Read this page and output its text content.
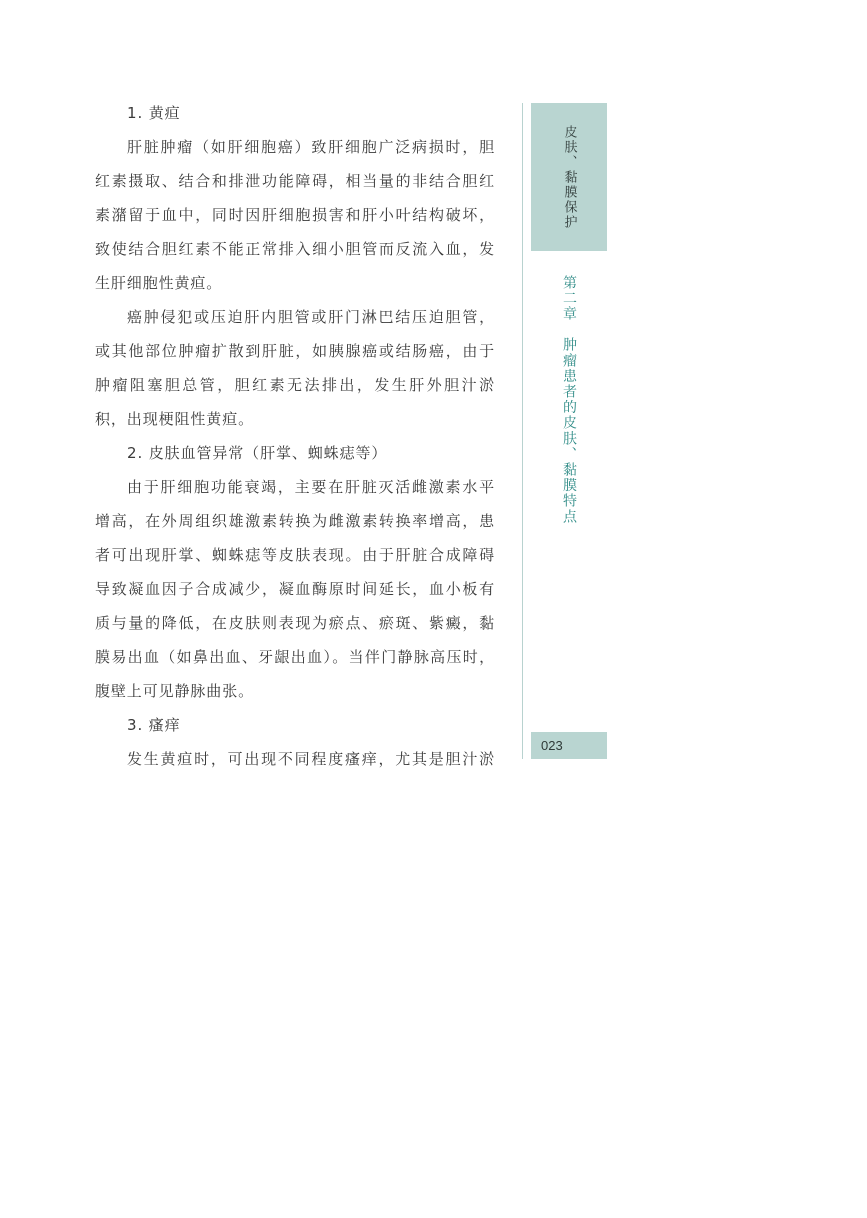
1. 黄疸
肝脏肿瘤（如肝细胞癌）致肝细胞广泛病损时，胆
红素摄取、结合和排泄功能障碍，相当量的非结合胆红
素潴留于血中，同时因肝细胞损害和肝小叶结构破坏，
致使结合胆红素不能正常排入细小胆管而反流入血，发
生肝细胞性黄疸。
癌肿侵犯或压迫肝内胆管或肝门淋巴结压迫胆管，
或其他部位肿瘤扩散到肝脏，如胰腺癌或结肠癌，由于
肿瘤阻塞胆总管，胆红素无法排出，发生肝外胆汁淤
积，出现梗阻性黄疸。
2. 皮肤血管异常（肝掌、蜘蛛痣等）
由于肝细胞功能衰竭，主要在肝脏灭活雌激素水平
增高，在外周组织雄激素转换为雌激素转换率增高，患
者可出现肝掌、蜘蛛痣等皮肤表现。由于肝脏合成障碍
导致凝血因子合成减少，凝血酶原时间延长，血小板有
质与量的降低，在皮肤则表现为瘀点、瘀斑、紫癜，黏
膜易出血（如鼻出血、牙龈出血）。当伴门静脉高压时，
腹壁上可见静脉曲张。
3. 瘙痒
发生黄疸时，可出现不同程度瘙痒，尤其是胆汁淤
皮肤、黏膜保护
第二章　肿瘤患者的皮肤、黏膜特点
023
